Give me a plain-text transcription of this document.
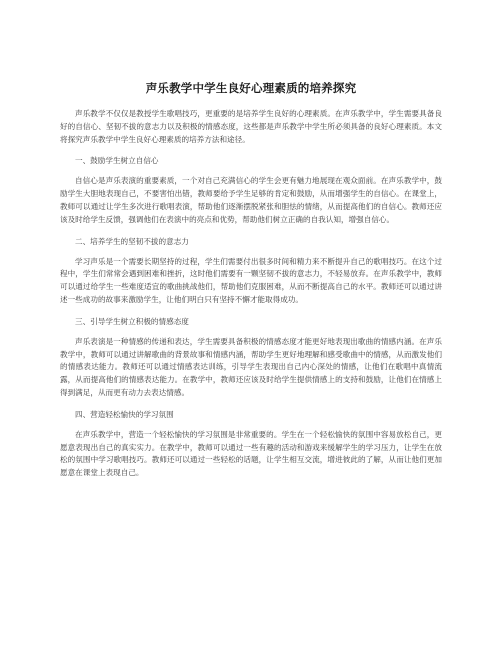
声乐教学中学生良好心理素质的培养探究

声乐教学不仅仅是教授学生歌唱技巧，更重要的是培养学生良好的心理素质。在声乐教学中，学生需要具备良好的自信心、坚韧不拔的意志力以及积极的情感态度，这些都是声乐教学中学生所必须具备的良好心理素质。本文将探究声乐教学中学生良好心理素质的培养方法和途径。

一、鼓励学生树立自信心

自信心是声乐表演的重要素质，一个对自己充满信心的学生会更有魅力地展现在观众面前。在声乐教学中，鼓励学生大胆地表现自己，不要害怕出错，教师要给予学生足够的肯定和鼓励，从而增强学生的自信心。在课堂上，教师可以通过让学生多次进行歌唱表演，帮助他们逐渐摆脱紧张和胆怯的情绪，从而提高他们的自信心。教师还应该及时给学生反馈，强调他们在表演中的亮点和优势，帮助他们树立正确的自我认知，增强自信心。

二、培养学生的坚韧不拔的意志力

学习声乐是一个需要长期坚持的过程，学生们需要付出很多时间和精力来不断提升自己的歌唱技巧。在这个过程中，学生们常常会遇到困难和挫折，这时他们需要有一颗坚韧不拔的意志力，不轻易放弃。在声乐教学中，教师可以通过给学生一些难度适宜的歌曲挑战他们，帮助他们克服困难，从而不断提高自己的水平。教师还可以通过讲述一些成功的故事来激励学生，让他们明白只有坚持不懈才能取得成功。

三、引导学生树立积极的情感态度

声乐表演是一种情感的传递和表达，学生需要具备积极的情感态度才能更好地表现出歌曲的情感内涵。在声乐教学中，教师可以通过讲解歌曲的背景故事和情感内涵，帮助学生更好地理解和感受歌曲中的情感，从而激发他们的情感表达能力。教师还可以通过情感表达训练，引导学生表现出自己内心深处的情感，让他们在歌唱中真情流露，从而提高他们的情感表达能力。在教学中，教师还应该及时给学生提供情感上的支持和鼓励，让他们在情感上得到满足，从而更有动力去表达情感。

四、营造轻松愉快的学习氛围

在声乐教学中，营造一个轻松愉快的学习氛围是非常重要的。学生在一个轻松愉快的氛围中容易放松自己，更愿意表现出自己的真实实力。在教学中，教师可以通过一些有趣的活动和游戏来缓解学生的学习压力，让学生在放松的氛围中学习歌唱技巧。教师还可以通过一些轻松的话题，让学生相互交流，增进彼此的了解，从而让他们更加愿意在课堂上表现自己。
